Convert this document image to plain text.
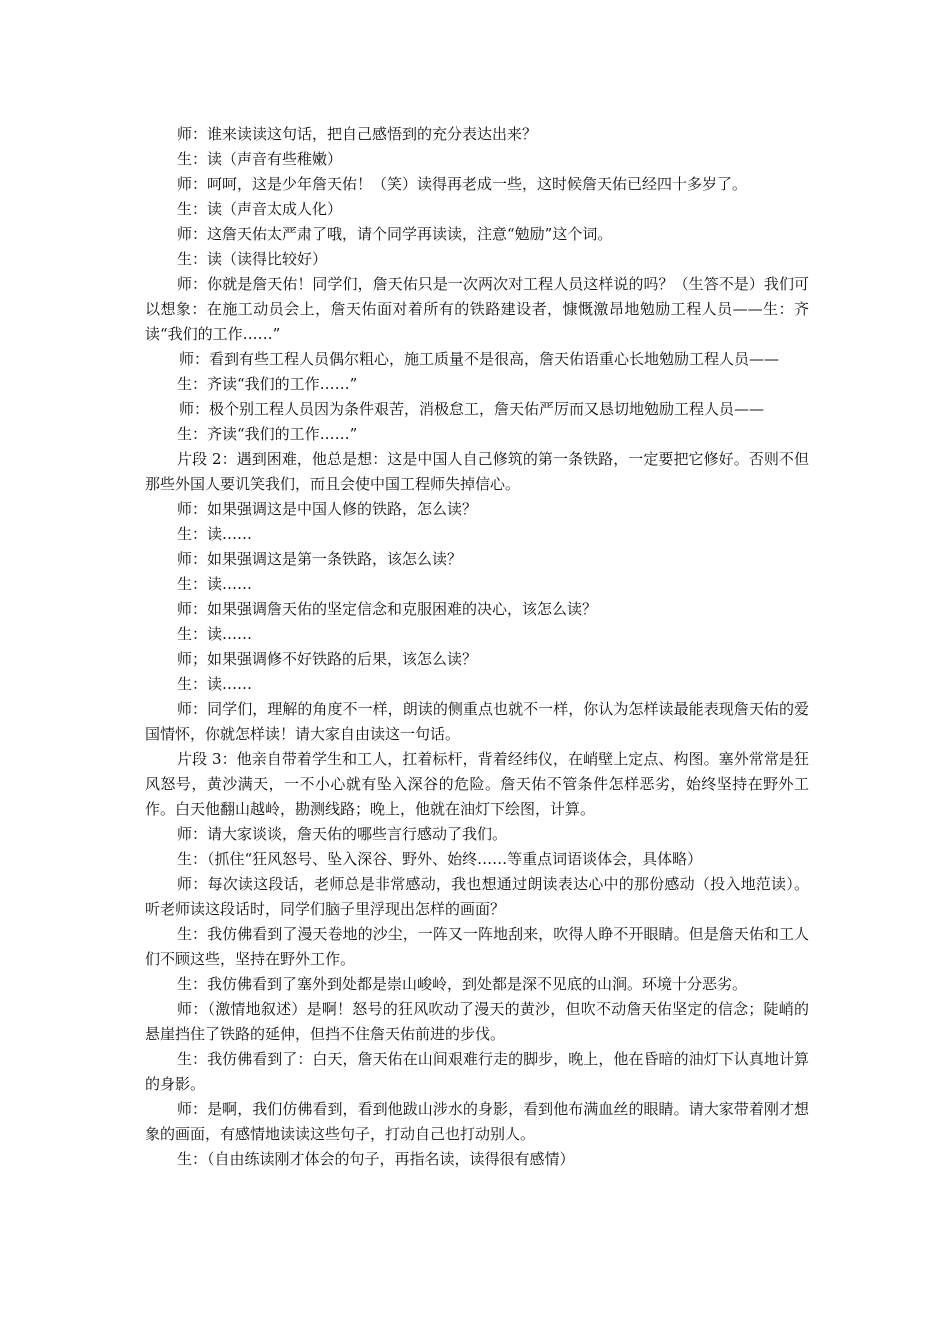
师：谁来读读这句话，把自己感悟到的充分表达出来？

生：读（声音有些稚嫩）

师：呵呵，这是少年詹天佑！（笑）读得再老成一些，这时候詹天佑已经四十多岁了。

生：读（声音太成人化）

师：这詹天佑太严肃了哦，请个同学再读读，注意“勉励”这个词。

生：读（读得比较好）

师：你就是詹天佑！同学们，詹天佑只是一次两次对工程人员这样说的吗？（生答不是）我们可以想象：在施工动员会上，詹天佑面对着所有的铁路建设者，慷慨激昂地勉励工程人员——生：齐读“我们的工作……”

师：看到有些工程人员偶尔粗心，施工质量不是很高，詹天佑语重心长地勉励工程人员——

生：齐读“我们的工作……”

师：极个别工程人员因为条件艰苦，消极怠工，詹天佑严厉而又恳切地勉励工程人员——

生：齐读“我们的工作……”

片段 2：遇到困难，他总是想：这是中国人自己修筑的第一条铁路，一定要把它修好。否则不但那些外国人要讥笑我们，而且会使中国工程师失掉信心。

师：如果强调这是中国人修的铁路，怎么读？

生：读……

师：如果强调这是第一条铁路，该怎么读？

生：读……

师：如果强调詹天佑的坚定信念和克服困难的决心，该怎么读？

生：读……

师；如果强调修不好铁路的后果，该怎么读？

生：读……

师：同学们，理解的角度不一样，朗读的侧重点也就不一样，你认为怎样读最能表现詹天佑的爱国情怀，你就怎样读！请大家自由读这一句话。

片段 3：他亲自带着学生和工人，扛着标杆，背着经纬仪，在峭壁上定点、构图。塞外常常是狂风怒号，黄沙满天，一不小心就有坠入深谷的危险。詹天佑不管条件怎样恶劣，始终坚持在野外工作。白天他翻山越岭，勘测线路；晚上，他就在油灯下绘图，计算。

师：请大家谈谈，詹天佑的哪些言行感动了我们。

生：（抓住“狂风怒号、坠入深谷、野外、始终……等重点词语谈体会，具体略）

师：每次读这段话，老师总是非常感动，我也想通过朗读表达心中的那份感动（投入地范读）。听老师读这段话时，同学们脑子里浮现出怎样的画面？

生：我仿佛看到了漫天卷地的沙尘，一阵又一阵地刮来，吹得人睁不开眼睛。但是詹天佑和工人们不顾这些，坚持在野外工作。

生：我仿佛看到了塞外到处都是崇山峻岭，到处都是深不见底的山涧。环境十分恶劣。

师：（激情地叙述）是啊！怒号的狂风吹动了漫天的黄沙，但吹不动詹天佑坚定的信念；陡峭的悬崖挡住了铁路的延伸，但挡不住詹天佑前进的步伐。

生：我仿佛看到了：白天，詹天佑在山间艰难行走的脚步，晚上，他在昏暗的油灯下认真地计算的身影。

师：是啊，我们仿佛看到，看到他跋山涉水的身影，看到他布满血丝的眼睛。请大家带着刚才想象的画面，有感情地读读这些句子，打动自己也打动别人。

生：（自由练读刚才体会的句子，再指名读，读得很有感情）
